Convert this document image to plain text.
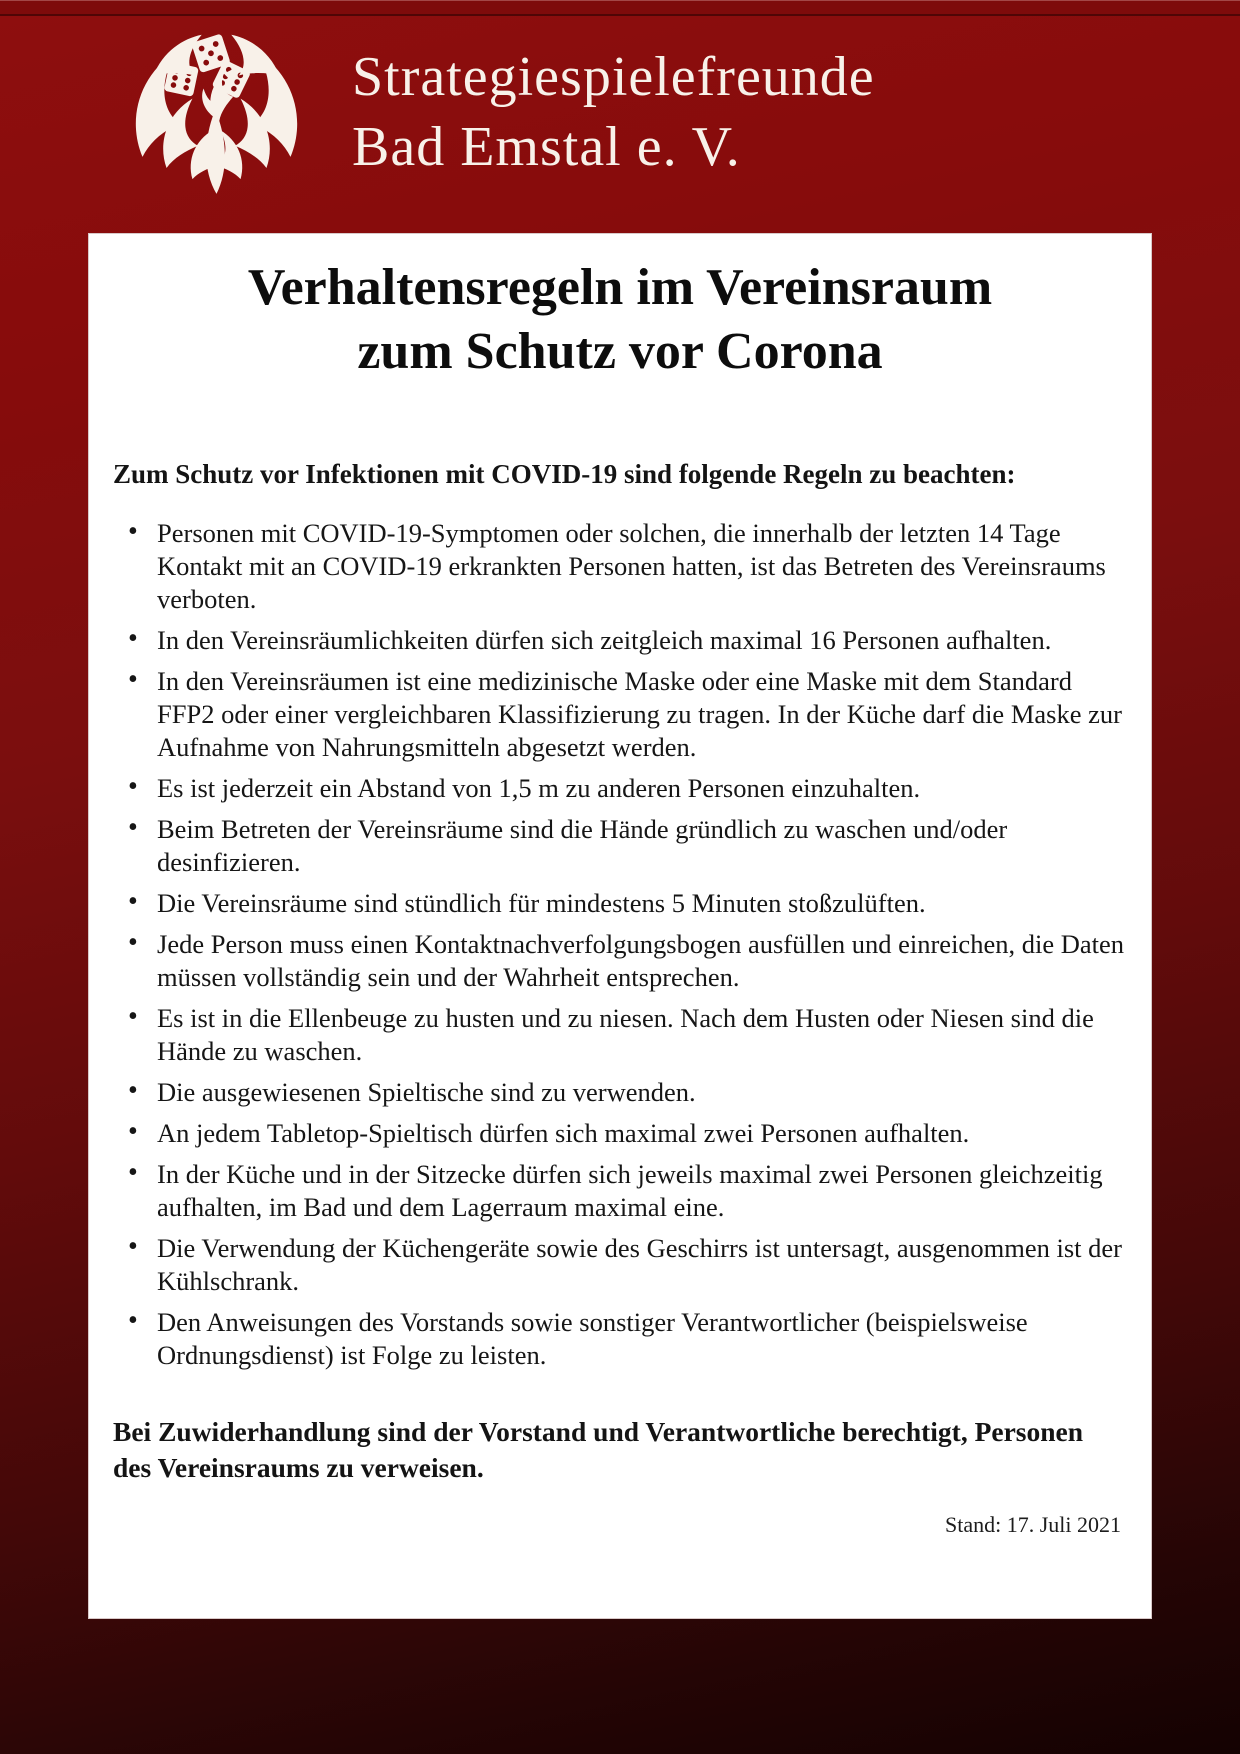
Strategiespielefreunde
Bad Emstal e. V.
Verhaltensregeln im Vereinsraum
zum Schutz vor Corona
Zum Schutz vor Infektionen mit COVID-19 sind folgende Regeln zu beachten:
• Personen mit COVID-19-Symptomen oder solchen, die innerhalb der letzten 14 Tage Kontakt mit an COVID-19 erkrankten Personen hatten, ist das Betreten des Vereinsraums verboten.
• In den Vereinsräumlichkeiten dürfen sich zeitgleich maximal 16 Personen aufhalten.
• In den Vereinsräumen ist eine medizinische Maske oder eine Maske mit dem Standard FFP2 oder einer vergleichbaren Klassifizierung zu tragen. In der Küche darf die Maske zur Aufnahme von Nahrungsmitteln abgesetzt werden.
• Es ist jederzeit ein Abstand von 1,5 m zu anderen Personen einzuhalten.
• Beim Betreten der Vereinsräume sind die Hände gründlich zu waschen und/oder desinfizieren.
• Die Vereinsräume sind stündlich für mindestens 5 Minuten stoßzulüften.
• Jede Person muss einen Kontaktnachverfolgungsbogen ausfüllen und einreichen, die Daten müssen vollständig sein und der Wahrheit entsprechen.
• Es ist in die Ellenbeuge zu husten und zu niesen. Nach dem Husten oder Niesen sind die Hände zu waschen.
• Die ausgewiesenen Spieltische sind zu verwenden.
• An jedem Tabletop-Spieltisch dürfen sich maximal zwei Personen aufhalten.
• In der Küche und in der Sitzecke dürfen sich jeweils maximal zwei Personen gleichzeitig aufhalten, im Bad und dem Lagerraum maximal eine.
• Die Verwendung der Küchengeräte sowie des Geschirrs ist untersagt, ausgenommen ist der Kühlschrank.
• Den Anweisungen des Vorstands sowie sonstiger Verantwortlicher (beispielsweise Ordnungsdienst) ist Folge zu leisten.
Bei Zuwiderhandlung sind der Vorstand und Verantwortliche berechtigt, Personen des Vereinsraums zu verweisen.
Stand: 17. Juli 2021
